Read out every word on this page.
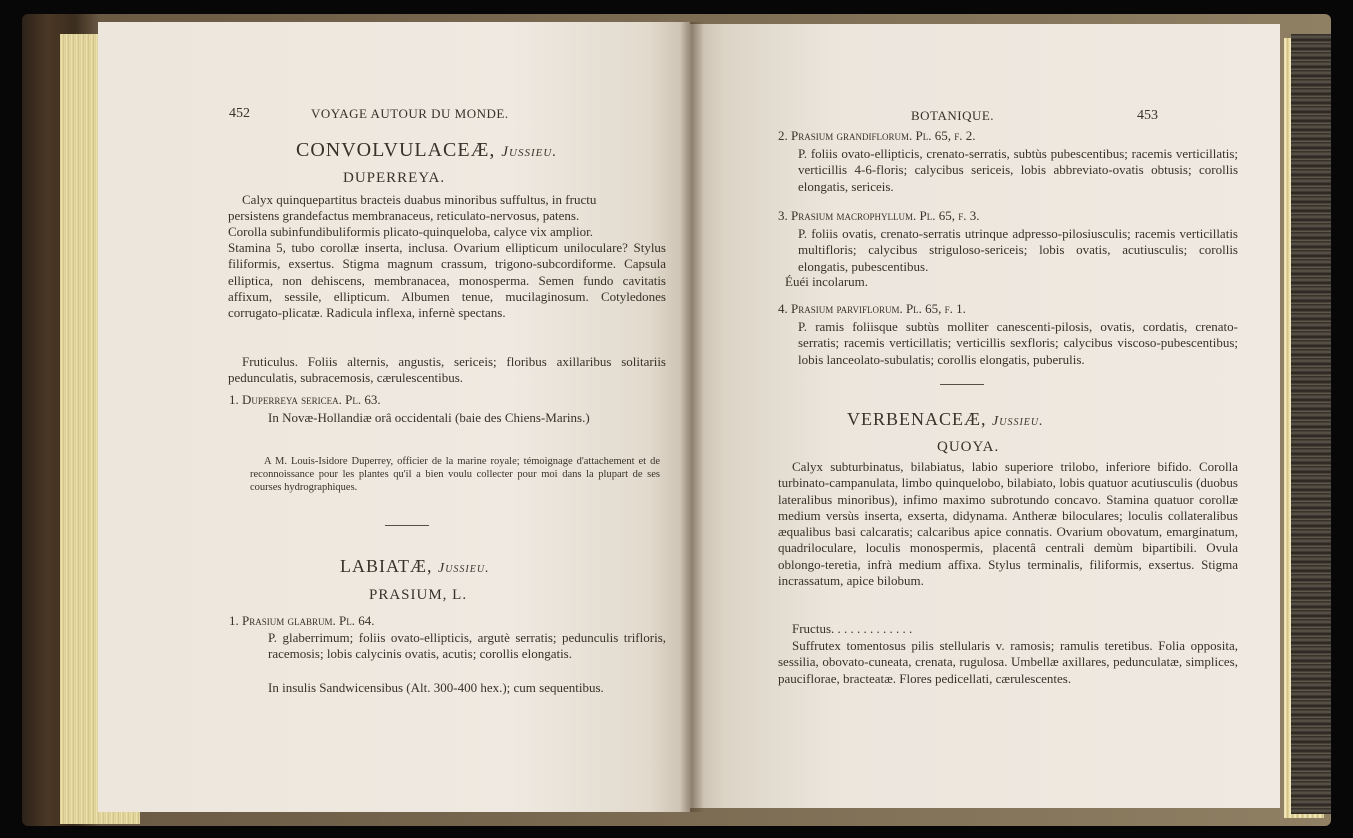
452	VOYAGE AUTOUR DU MONDE.
CONVOLVULACEÆ, Jussieu.
DUPERREYA.
Calyx quinquepartitus bracteis duabus minoribus suffultus, in fructu
persistens grandefactus membranaceus, reticulato-nervosus, patens.
Corolla subinfundibuliformis plicato-quinqueloba, calyce vix amplior.
Stamina 5, tubo corollæ inserta, inclusa. Ovarium ellipticum uniloculare? Stylus filiformis, exsertus. Stigma magnum crassum, trigono-subcordiforme. Capsula elliptica, non dehiscens, membranacea, monosperma. Semen fundo cavitatis affixum, sessile, ellipticum. Albumen tenue, mucilaginosum. Cotyledones corrugato-plicatæ. Radicula inflexa, infernè spectans.
Fruticulus. Foliis alternis, angustis, sericeis; floribus axillaribus solitariis pedunculatis, subracemosis, cærulescentibus.
1. Duperreya sericea. Pl. 63.
In Novæ-Hollandiæ orâ occidentali (baie des Chiens-Marins.)
A M. Louis-Isidore Duperrey, officier de la marine royale; témoignage d'attachement et de reconnoissance pour les plantes qu'il a bien voulu collecter pour moi dans la plupart de ses courses hydrographiques.
LABIATÆ, Jussieu.
PRASIUM, L.
1. Prasium glabrum. Pl. 64.
P. glaberrimum; foliis ovato-ellipticis, argutè serratis; pedunculis trifloris, racemosis; lobis calycinis ovatis, acutis; corollis elongatis.
In insulis Sandwicensibus (Alt. 300-400 hex.); cum sequentibus.
BOTANIQUE.	453
2. Prasium grandiflorum. Pl. 65, f. 2.
P. foliis ovato-ellipticis, crenato-serratis, subtùs pubescentibus; racemis verticillatis; verticillis 4-6-floris; calycibus sericeis, lobis abbreviato-ovatis obtusis; corollis elongatis, sericeis.
3. Prasium macrophyllum. Pl. 65, f. 3.
P. foliis ovatis, crenato-serratis utrinque adpresso-pilosiusculis; racemis verticillatis multifloris; calycibus striguloso-sericeis; lobis ovatis, acutiusculis; corollis elongatis, pubescentibus.
Éuéi incolarum.
4. Prasium parviflorum. Pl. 65, f. 1.
P. ramis foliisque subtùs molliter canescenti-pilosis, ovatis, cordatis, crenato-serratis; racemis verticillatis; verticillis sexfloris; calycibus viscoso-pubescentibus; lobis lanceolato-subulatis; corollis elongatis, puberulis.
VERBENACEÆ, Jussieu.
QUOYA.
Calyx subturbinatus, bilabiatus, labio superiore trilobo, inferiore bifido. Corolla turbinato-campanulata, limbo quinquelobo, bilabiato, lobis quatuor acutiusculis (duobus lateralibus minoribus), infimo maximo subrotundo concavo. Stamina quatuor corollæ medium versùs inserta, exserta, didynama. Antheræ biloculares; loculis collateralibus æqualibus basi calcaratis; calcaribus apice connatis. Ovarium obovatum, emarginatum, quadriloculare, loculis monospermis, placentâ centrali demùm bipartibili. Ovula oblongo-teretia, infrà medium affixa. Stylus terminalis, filiformis, exsertus. Stigma incrassatum, apice bilobum.
Fructus. . . . . . . . . . . . .
Suffrutex tomentosus pilis stellularis v. ramosis; ramulis teretibus. Folia opposita, sessilia, obovato-cuneata, crenata, rugulosa. Umbellæ axillares, pedunculatæ, simplices, pauciflorae, bracteatæ. Flores pedicellati, cærulescentes.
